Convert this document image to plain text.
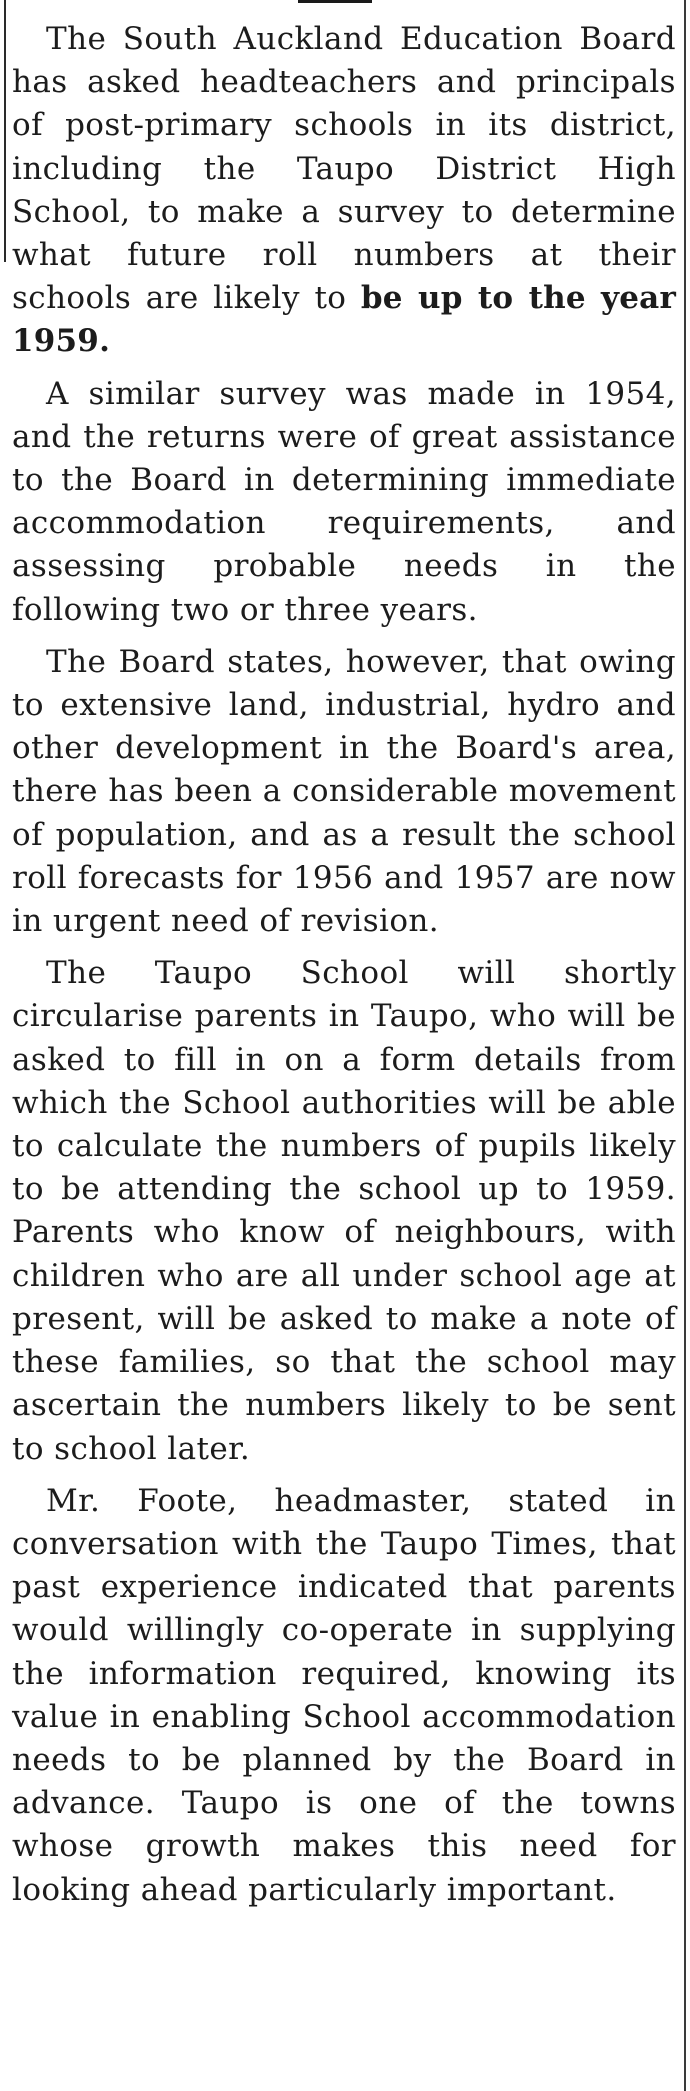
The South Auckland Education Board has asked headteachers and principals of post-primary schools in its district, including the Taupo District High School, to make a survey to determine what future roll numbers at their schools are likely to be up to the year 1959.

A similar survey was made in 1954, and the returns were of great assistance to the Board in determining immediate accommodation requirements, and assessing probable needs in the following two or three years.

The Board states, however, that owing to extensive land, industrial, hydro and other development in the Board's area, there has been a considerable movement of population, and as a result the school roll forecasts for 1956 and 1957 are now in urgent need of revision.

The Taupo School will shortly circularise parents in Taupo, who will be asked to fill in on a form details from which the School authorities will be able to calculate the numbers of pupils likely to be attending the school up to 1959. Parents who know of neighbours, with children who are all under school age at present, will be asked to make a note of these families, so that the school may ascertain the numbers likely to be sent to school later.

Mr. Foote, headmaster, stated in conversation with the Taupo Times, that past experience indicated that parents would willingly co-operate in supplying the information required, knowing its value in enabling School accommodation needs to be planned by the Board in advance. Taupo is one of the towns whose growth makes this need for looking ahead particularly important.
